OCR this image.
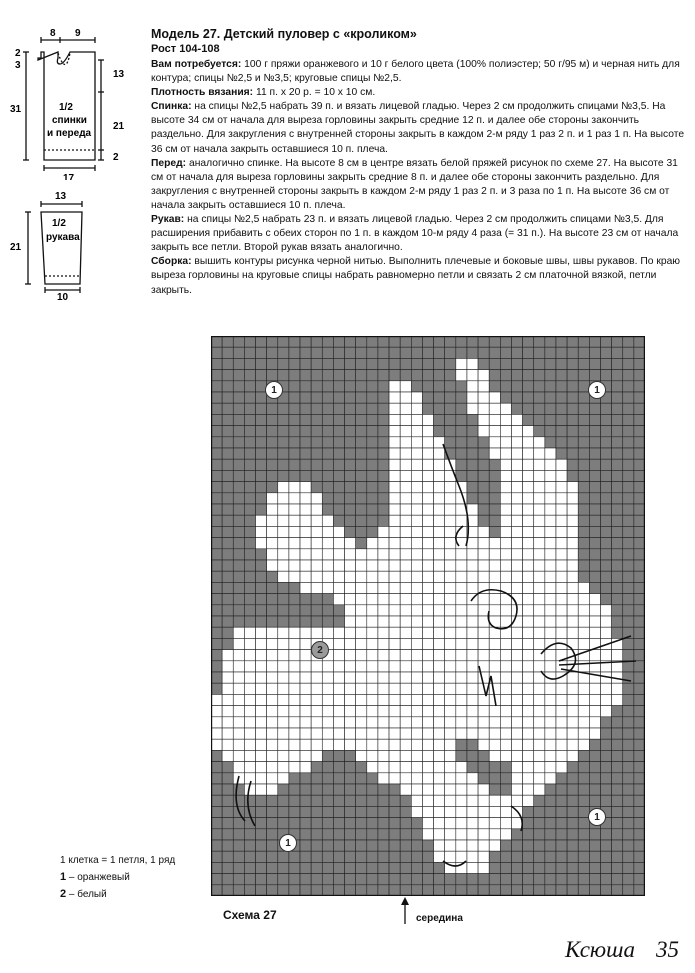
8 9
2
3
13
31
21
2
17
1/2
спинки
и переда
13
21
10
1/2
рукава
Модель 27. Детский пуловер с «кроликом»
Рост 104-108

Вам потребуется: 100 г пряжи оранжевого и 10 г белого цвета (100% полиэстер; 50 г/95 м) и черная нить для контура; спицы №2,5 и №3,5; круговые спицы №2,5.

Плотность вязания: 11 п. х 20 р. = 10 х 10 см.

Спинка: на спицы №2,5 набрать 39 п. и вязать лицевой гладью. Через 2 см продолжить спицами №3,5. На высоте 34 см от начала для выреза горловины закрыть средние 12 п. и далее обе стороны закончить раздельно. Для закругления с внутренней стороны закрыть в каждом 2-м ряду 1 раз 2 п. и 1 раз 1 п. На высоте 36 см от начала закрыть оставшиеся 10 п. плеча.

Перед: аналогично спинке. На высоте 8 см в центре вязать белой пряжей рисунок по схеме 27. На высоте 31 см от начала для выреза горловины закрыть средние 8 п. и далее обе стороны закончить раздельно. Для закругления с внутренней стороны закрыть в каждом 2-м ряду 1 раз 2 п. и 3 раза по 1 п. На высоте 36 см от начала закрыть оставшиеся 10 п. плеча.

Рукав: на спицы №2,5 набрать 23 п. и вязать лицевой гладью. Через 2 см продолжить спицами №3,5. Для расширения прибавить с обеих сторон по 1 п. в каждом 10-м ряду 4 раза (= 31 п.). На высоте 23 см от начала закрыть все петли. Второй рукав вязать аналогично.

Сборка: вышить контуры рисунка черной нитью. Выполнить плечевые и боковые швы, швы рукавов. По краю выреза горловины на круговые спицы набрать равномерно петли и связать 2 см платочной вязкой, петли закрыть.

1	1
2
1
1
Схема 27	середина
1 клетка = 1 петля, 1 ряд
1 – оранжевый
2 – белый
Ксюша 35
